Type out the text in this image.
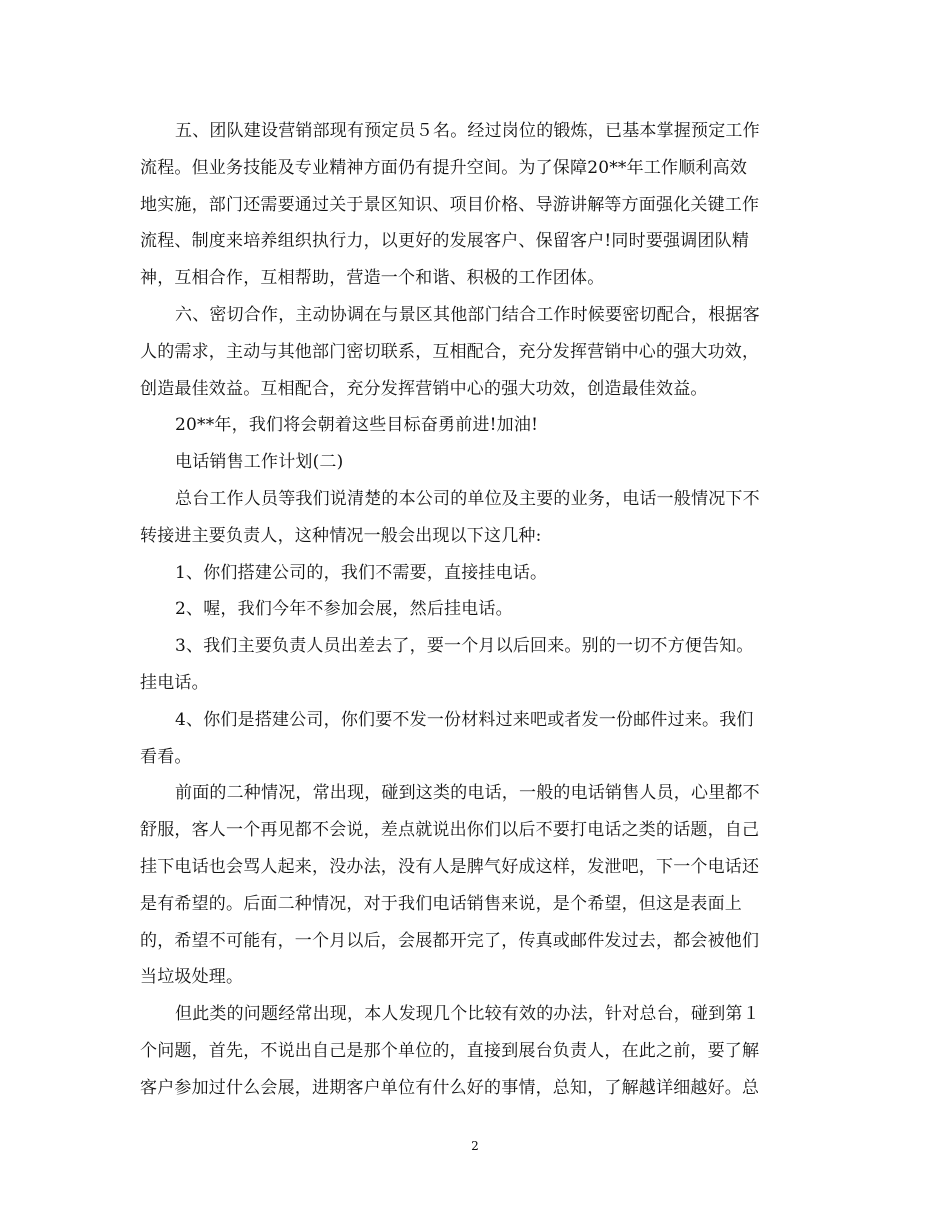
五、团队建设营销部现有预定员５名。经过岗位的锻炼，已基本掌握预定工作
流程。但业务技能及专业精神方面仍有提升空间。为了保障20**年工作顺利高效
地实施，部门还需要通过关于景区知识、项目价格、导游讲解等方面强化关键工作
流程、制度来培养组织执行力，以更好的发展客户、保留客户!同时要强调团队精
神，互相合作，互相帮助，营造一个和谐、积极的工作团体。
六、密切合作，主动协调在与景区其他部门结合工作时候要密切配合，根据客
人的需求，主动与其他部门密切联系，互相配合，充分发挥营销中心的强大功效，
创造最佳效益。互相配合，充分发挥营销中心的强大功效，创造最佳效益。
20**年，我们将会朝着这些目标奋勇前进!加油!
电话销售工作计划(二)
总台工作人员等我们说清楚的本公司的单位及主要的业务，电话一般情况下不
转接进主要负责人，这种情况一般会出现以下这几种:
1、你们搭建公司的，我们不需要，直接挂电话。
2、喔，我们今年不参加会展，然后挂电话。
3、我们主要负责人员出差去了，要一个月以后回来。别的一切不方便告知。
挂电话。
4、你们是搭建公司，你们要不发一份材料过来吧或者发一份邮件过来。我们
看看。
前面的二种情况，常出现，碰到这类的电话，一般的电话销售人员，心里都不
舒服，客人一个再见都不会说，差点就说出你们以后不要打电话之类的话题，自己
挂下电话也会骂人起来，没办法，没有人是脾气好成这样，发泄吧，下一个电话还
是有希望的。后面二种情况，对于我们电话销售来说，是个希望，但这是表面上
的，希望不可能有，一个月以后，会展都开完了，传真或邮件发过去，都会被他们
当垃圾处理。
但此类的问题经常出现，本人发现几个比较有效的办法，针对总台，碰到第１
个问题，首先，不说出自己是那个单位的，直接到展台负责人，在此之前，要了解
客户参加过什么会展，进期客户单位有什么好的事情，总知，了解越详细越好。总
2
